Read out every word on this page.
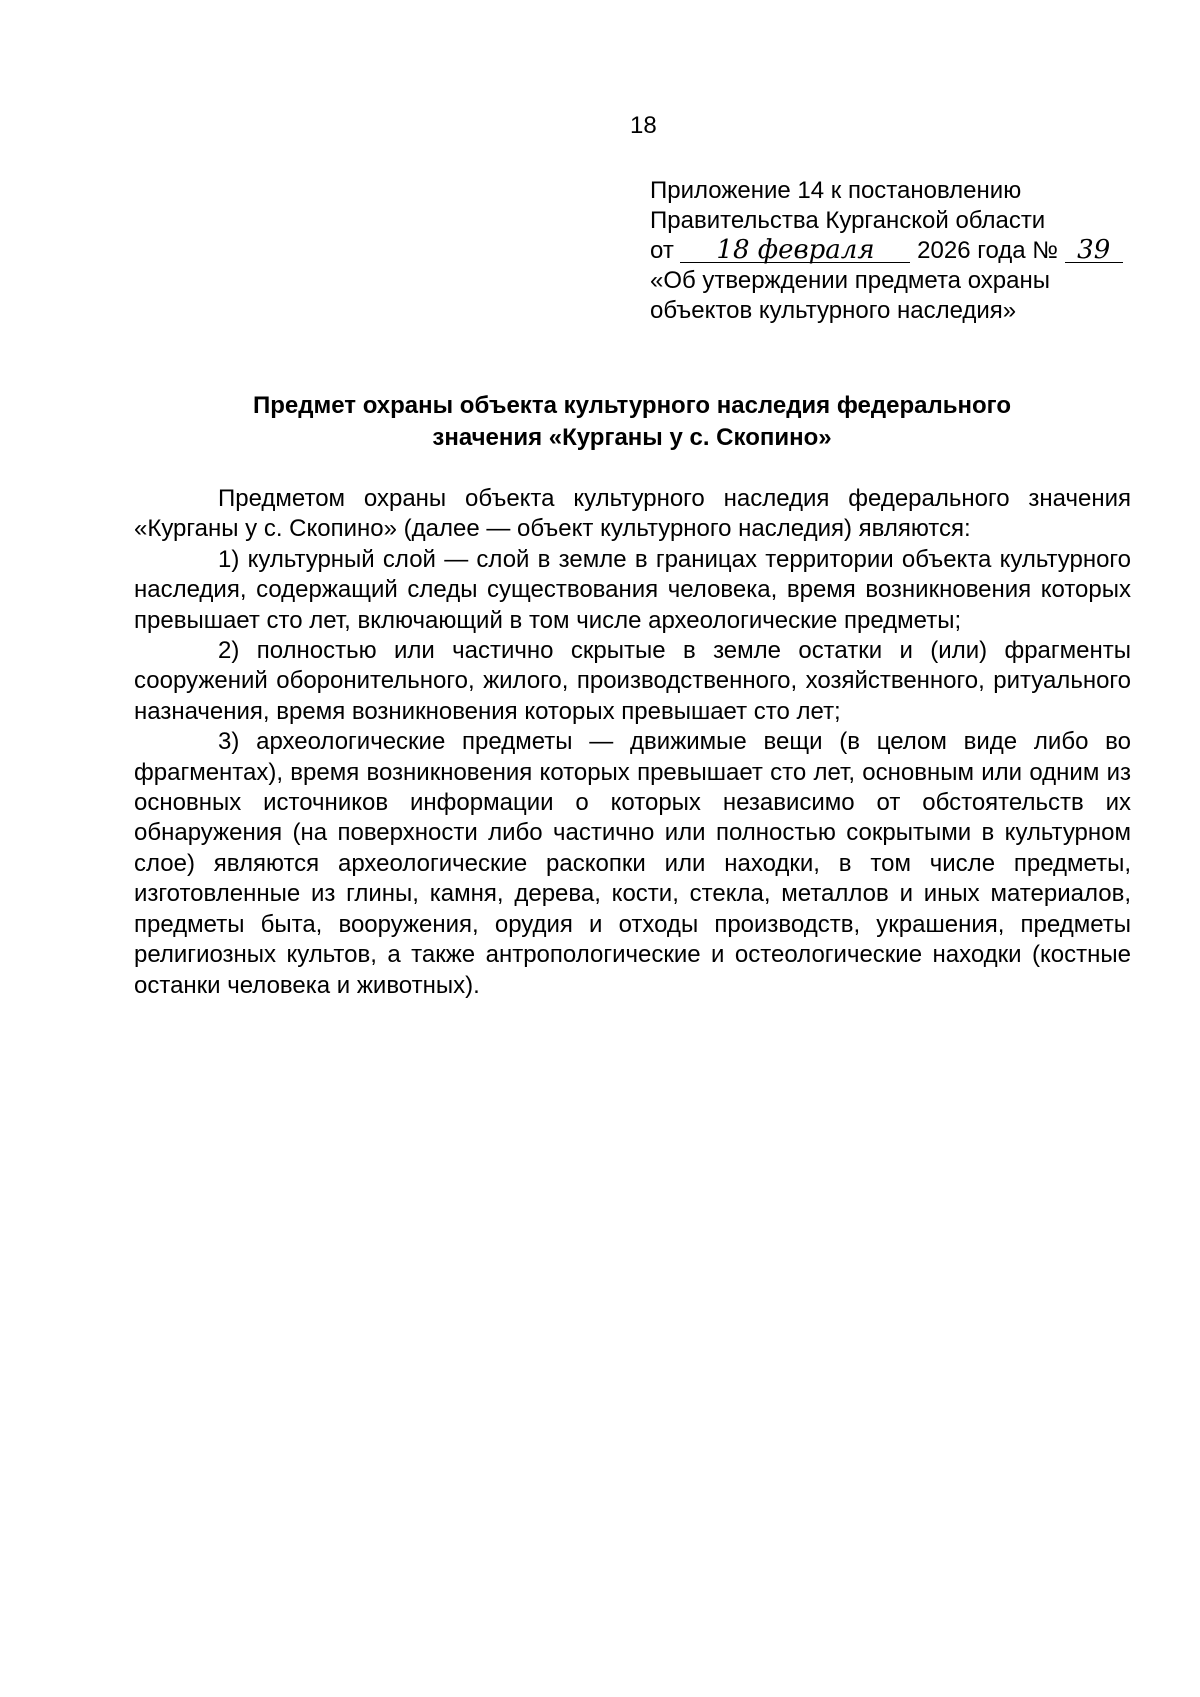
18
Приложение 14 к постановлению
Правительства Курганской области
от 18 февраля 2026 года № 39
«Об утверждении предмета охраны
объектов культурного наследия»
Предмет охраны объекта культурного наследия федерального
значения «Курганы у с. Скопино»

Предметом охраны объекта культурного наследия федерального значения «Курганы у с. Скопино» (далее — объект культурного наследия) являются:

1) культурный слой — слой в земле в границах территории объекта культурного наследия, содержащий следы существования человека, время возникновения которых превышает сто лет, включающий в том числе археологические предметы;

2) полностью или частично скрытые в земле остатки и (или) фрагменты сооружений оборонительного, жилого, производственного, хозяйственного, ритуального назначения, время возникновения которых превышает сто лет;

3) археологические предметы — движимые вещи (в целом виде либо во фрагментах), время возникновения которых превышает сто лет, основным или одним из основных источников информации о которых независимо от обстоятельств их обнаружения (на поверхности либо частично или полностью сокрытыми в культурном слое) являются археологические раскопки или находки, в том числе предметы, изготовленные из глины, камня, дерева, кости, стекла, металлов и иных материалов, предметы быта, вооружения, орудия и отходы производств, украшения, предметы религиозных культов, а также антропологические и остеологические находки (костные останки человека и животных).
